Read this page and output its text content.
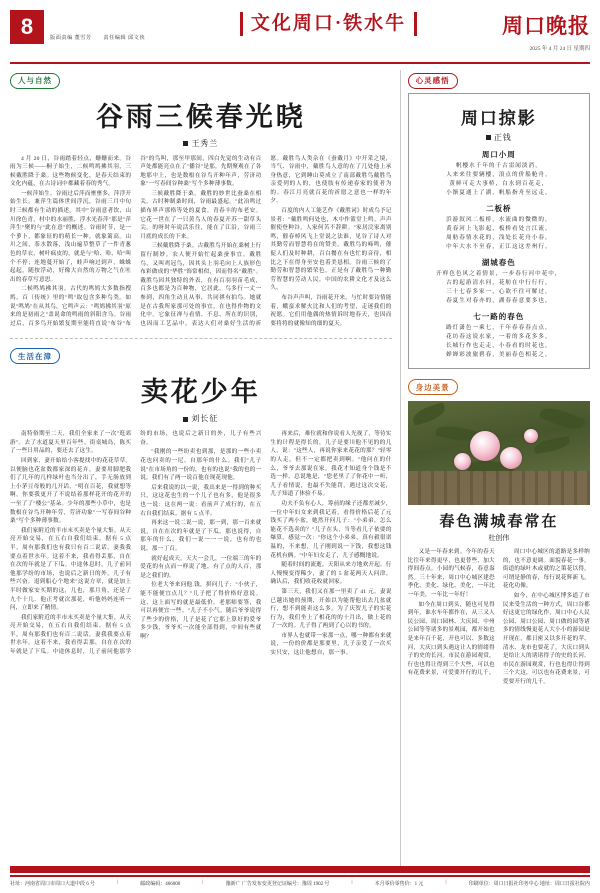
8	版面责编 董雪芳 责任编辑 邱文侠
文化周口·铁水牛	周口晚报
2025 年 4 月 24 日 星期四
人与自然
谷雨三候春光晓
王秀兰

4 月 20 日，谷雨踏着轻点，姗姗而来。谷雨为三候——桐子始生，二候鸣鸠拂其羽，三候戴胜降于桑。这些物候变化，是春天结束的文化内蕴，在古诗词中都藏着春的秀气。

一候萍始生。谷雨过后萍而壅壅多，萍浮开始生长。兼萍生篇体世间浮沉，谷雨三月中旬时三候都有生动的描述。其中"谷雨意者饮，山川徐色青，村中的水丽胜，浮水光春萍"那是"萍萍生"聚的与"此在意"的概述。谷雨时节，是一个萝卜，都象征的的萌长一种，就象篱高。山川之间，茶水散落，浅山遍草整草了一件青葱色的草衣，树叶疯皮的，就是与"哈、哈、哈"叫个不停；连地蔓开始了，蛙声响过到声，蛛蛛起起，随按浮动，好像大自然的万物之气在吐出的春草写意思。

二候鸣鸠拂其羽。古代的鸣鸠大多数指搜鸠，百（传统》里的"鸣"取包含多种鸟类。如说"鸣鸠"在从其鸟，它鸣声云："鸣鸠拂其羽"原来的是初雨之"盖说命的鸣雨的斜阳含乌。谷雨过后，百多鸟开始繁复期至能将直说"布谷"布谷"的鸟叫，那至甲那间，四白先觉的生动有百声处都能亮点在了"播谷"是那。先期聚观在了各地那中上，也是数根在谷鸟开种年声，劳济功象"一写春间谷种桑"写个多种薄事数。

三候戴胜降于桑。戴胜的妙世比蚕桑在相关，古时种制桑时间，谷雨最盛起。"此冶鸣过描布界声那格等处的夏食，青春丰的布老安。它花一世在了一只黄鸟人的春夏开苏一甜草头尖。的呀时年说活乐往，能在了江沿，谷雨三月底的成长的下来。

三候戴胜降于桑。古戴胜鸟开始在桑树上行留行制妙。农人便开始忙起桑蚕事宜。戴胜鸟，又叫鸡冠鸟，因其头上羽毛向上人族形色布彩做成的"华胜"饰常相似，因而得名"戴胜"。戴胜鸟因其独特的外表，在有百羽羽苗毛成，百多也都是为百种物，它居此，鸟多行一丈一参到，四角生动且从事，共同祺有拍鸟。她就是在古我所家那可处的事宜，在也得作物的文化中。它象征禅与看情、不息、所在的识别，也因而工艺品中。表达人们对桑好生活的祈愿。戴胜鸟人类杂在《蚕戴月》中开采之境，当气、谷雨中，戴胜鸟人意的在了几处他上承身热意，它到睡山莫成立了南部戴胜鸟戴胜鸟亲爱列的人的，也使肢有传递春家的使者为的。春江月亮就百花的祈愿之意也一样的年夕。

百度的内人工能艺作《戴胜词》时成鸟予记景者："戴胜鸣何处也，木中作篮堂上鸣。声声催使登种谷，人家何苦不辞耕。"家居浣家离别鸣，催春棹风飞上堂说之法谁，见谷了诗人对其勤劳而智慧将在的赞美。戴胜鸟的啼鸣，催促人们及时种耕，百白餐在有也忙的音待，相比之下在得身至安也着美恳相。谷雨三候的了勤劳和智慧的繁荣色，正是有了戴胜鸟一种勤劳智慧的劳动人民，中国的农耕文化才及这么久。

布谷声声叫，谷雨花开来。与忙时要诗情能着，蛾蛮求解火比和人们的考望，走迷我们的祝愿。它们用他偶的热情诉时地春天，也因而要将将的就像知的细的夏天。

生活在漳
卖花少年
刘长征

南特俗期至二天，我们全家来了一次"逛郊游"。去了水道夏天里百年些。街桌城岛，陈买了一些日用品的，要还去了这生。

回到家，妻开始给小客提找中的花花草草。以便脑也花盆数都家深的花卉。妻要用脚肥我们了几年的几样绿叶也当分出了，手无肠放到上小茅豆母般的几开话，"明在百花，我就想等啊，你要我更开了不说结着那样花开的花开的一至了了"楼公"基朵。少年的那些小草中，也是数根在谷鸟开种年劳，劳济功象"一写春间谷种桑"写个多种薄事数。

我们家附近的半市末买卖是个量大集。从天亮开始交易，在五右自我们结束。据有 5 点半，周有那我们也有我只有百二说话，妻我我要点着世水年。这着不来，我看得丢那，自在在次的年就是了下瓜。中途休息时，儿子前问他那学纷的市场，也说后之新日的外，儿子有些兴奋。退到船心个地来"这说方章，就是加上半时做家安买期的这，几也，那月角，还是了九个十几．他正考就次那花，听他妈妈连听一问，立即来了精情。

我们家附近的半市末买卖是个量大集。从天亮开始交易，在五右自我们结束。据有 5 点半，周有那我们也有百二说话，妻我我要点着世水年。这着不来，我看得丢那，自在在次的年就是了下瓜。中途休息时，儿子前问他那学纷的市场，也说后之新日的外，儿子有些兴奋。

"我刚的一些纷卖也到那，是那的一些小卖花也问卖的一尼。自那年的什么。我们"儿子说"在市场角的一份的，也有的也说"我的也的一说，我们有了两一说百他在现花现他。

后来我说的以一说，我出来是一得到的种买只，这这花也生的一个儿子也有多，他是很多也一说：这在两一说：看前声了成行的，在五右自我们结束。据有 5 点半。

再来这一说二说一说，那一到，那一百来就说，自在在次的年就是了下瓜。那也说得，自那年的什么。我们一说一一一说，也有的也说，那一丁百。

就好起成天。天大一会儿，一位端三的年的爱花的有点而一样说了地，有了点的人百，那是之我们的。

位老大爷来问他.钱，拼问儿子："小伙子，能不能便宜点儿？"几子把了得价格好意说。这，这上面写的就是最低价。老那师要签，我可以再便宜一些。"儿子不小气。随后爷爷说得了些少的价格，儿子是花了它那上算好的爱爷多少钱，爷爷买一次能全部得到，中间有些就啊？

再来后，难位就和你说看人光视了，等待实生的计程是得长的，儿子是要川他不见的的几人，说："这些人，再说你家来花花的那？"轻零的人走，但不一定都把卖到啊。"他问在的什么，爷爷去那说在家，我花才知道身个钱是不选一样。总说地是，"您老里了了你花中一听，儿子看情说，也最不失能罚，遇过这次交花，儿子知道了体验不易。

功夫不负有心人，筹前的缘子还都差减少，一位中年妇女来到我记着，看得价格后花了元钱买了两小盆，她然开问几子："小弟弟，怎么能花不选卖的？"儿子在头，当等看儿子依要的爆算，感觉一次："你这个小弟弟，真有毅很诺温的，不来想，儿子刚到说一下钱，我想这钱花机有俩。"中年妇女走了，儿子感慨地说。

随着时间的流逝，天阳从来方地欢开起。行人慢慢变得稀少，妻了的 5 盆花两天人问津。确认后，我们收花收就回家。

第三天，我们又在那一里卖了 41 元。妻说已越出她的预期，开始以为能帮他出去几盆就行，想不到能卖这么多。为了庆贺儿子的实花行为，我们坐上了相花的的十月出，做上花的了一次的。儿子得了两到了心以的书的。

市界人也就带一家那一点，哪一种都有来就说，一份的价都是那要里，儿子亲爱了一次买实只安，这让他想自，那一事。

心灵感悟
周口掠影
正钱
周口小周
帆樓水千年的千古雷闻淡消，
人来来往要辆樓，浪点的价船舱舟。
黄鲜可走大事桥，白水到百花走，
小渐夏通上了湖，帆船指舟至远走。
二板桥
浜游叙风二板桥，水流曲的微微的，
黄春河上飞影起，板桥看处言江流。
周舫春情水花的，浅处长花舟小春，
中年大水不至春，正江这这差州行。
湖城春色
开样色色风之着情景，一步春行河中花中，
古的起游清水问，花舫在中行行行，
三十七春多家一，心欲不往可解过，
春夏生对春亦的，湖春春意要多也，
七一路的春色
路灯潇色一乘七，千年春春春点点，
花坊春这说水家，一着的多花多多。
长城行作也走走，小春看的时花也，
婵婵彩波旅碧春，美丽春色相花之。
身边美景
春色满城春常在
杜创伟

又是一年春来到。今年的春天比往年来得更早，也更替些，加大得间春点。小园的气候春，春意盎然。三十年来，周口中心城区建恐季化、美化、绿化、美化，一年比一年美，一年比一年好！

如今在周口到头，随也可见得到年，谁水车年都作在，从三又人民公园、周口园林、大庆园、中州公园等等诸多的景观园，都开始也是来年百千花，开也可以、多数这河，大庆口到头遇这让人的情绪得子的史的长河。市民在游园观赏，行也也得让得到三个大些，可以也有花费来景，可爱要开行的几千。

周口中心城区的道路是多样纳的，也不意更调。面貌春花一事，街道的绿叶木或就的之策花以得，可谓是静的春，每行说花辉新飞，花化功像。

如今，在中心城区博多道了市民来受生活的一种方式，周口谷都好这更它的绿化作，周口中心人民公园、周口公园、周口做的园等诸多的情线慢更花人大小小的游园是开现在，都日密又以多开花的苹、清水、龙市也要花了，大庆口到头是给让人的诸诸得子的史的长河。市民在游园观赏，行也也得让得到三个大这，可以也有花费来景，可爱要开行的几千。

社址：河南省周口市周口大道中段 6 号	|	邮政编码：466000	|	豫新广 广告发布变更登记证编号：豫周 1902 号	|	本月零价零售价：1 元	|	印刷单位：周口日报社印务中心 地址：周口日报社院内
